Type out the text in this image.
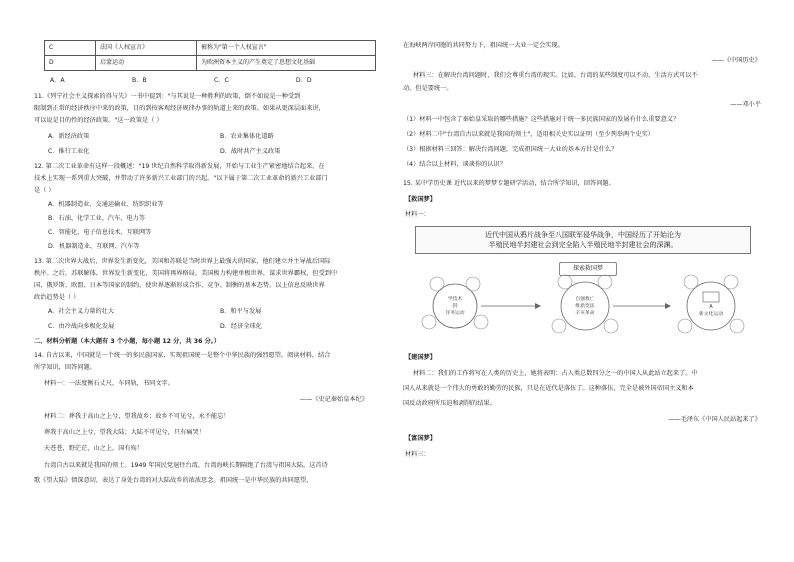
C	法国《人权宣言》	被称为"第一个人权宣言"
D	启蒙运动	为欧洲资本主义的产生奠定了思想文化基础
A．A	B．B	C．C	D．D
11.《列宁社会主义探索的得与失》一书中提到："与其说是一种胜利的政策，倒不如说是一种受到
限制到正常的经济秩序中来的政策，目的到按客观经济规律办事的轨道上来的政策。如果从更深层面来讲，
可以说是目的性的经济政策。"这一政策是（ ）
A．新经济政策	B．农业集体化道路
C．推行工业化	D．战时共产主义政策
12. 第二次工业革命有这样一段概述："19 世纪自然科学取得新发展，开始与工业生产紧密地结合起来，在
技术上实现一系列重大突破，并带动了许多新兴工业部门的兴起。"以下属于第二次工业革命的新兴工业部门
是（ ）
A．机器制造业、交通运输业、纺织织业等
B．石油、化学工业、汽车、电力等
C．智能化、电子信息技术、互联网等
D．机器制造业、互联网、汽车等
13. 第二次世界大战后，世界发生新变化，美国和苏联是当时世界上最强大的国家，他们建立并主导战后国际
秩序。之后，苏联解体，世界发生新变化，美国将再界格局，美国极力构建单极世界，谋求世界霸权，但受到中
国、俄罗斯、欧盟、日本等国家的制约，使世界逐渐形成合作、竞争、制衡的基本态势。以上信息反映世界
政治趋势是（ ）
A．社会主义力量的壮大	B．和平与发展
C．由冷战向多极化发展	D．经济全球化
二、材料分析题（本大题有 3 个小题，每小题 12 分，共 36 分。）
14. 自古以来，中国就是一个统一的多民族国家，实现祖国统一是整个中华民族的强烈愿望。阅读材料，结合
所学知识，回答问题。
材料一：一法度衡石丈尺，车同轨，书同文字。
——《史记秦始皇本纪》
材料二：葬我于高山之上兮，望我故乡；故乡不可见兮，永不能忘！
葬我于高山之上兮，望我大陆；大陆不可见兮，只有痛哭！
天苍苍，野茫茫，山之上，国有殇！
台湾自古以来就是我国的领土。1949 年国民党退往台湾，台湾海峡长期隔绝了台湾与祖国大陆。这首诗
歌《望大陆》情深意切，表达了身处台湾的对大陆故乡的浓浓思念。祖国统一是中华民族的共同愿望，
在海峡两岸同胞的共同努力下，祖国统一大业一定会实现。
——《中国历史》
材料三：在解决台湾问题时，我们会尊重台湾的现实。比如，台湾的某些制度可以不动，生活方式可以不
动。但是要统一。
——邓小平
（1）材料一中包含了秦始皇采取的哪些措施？这些措施对于统一多民族国家的发展有什么重要意义？
（2）材料二中"台湾自古以来就是我国的领土"，适用相关史实以证明（至少列举两个史实）
（3）根据材料三回答：解决台湾问题，完成祖国统一大业的基本方针是什么？
（4）结合以上材料，谈谈你的认识？
15. 某中学历史课 近代以来的梦梦专题研学活动，结合所学知识，回答问题。
【救国梦】
材料一：
近代中国从鸦片战争至八国联军侵华战争，中国经历了开始沦为
半殖民地半封建社会到完全陷入半殖民地半封建社会的深渊。
探索救国梦
学技术
(Ⅰ)
洋务运动
自强救亡
维新变法
辛亥革命
A
新文化运动
【建国梦】
材料二：我们的工作将写在人类的历史上，她将表明：占人类总数四分之一的中国人从此站立起来了。中
国人从来就是一个伟大的勇敢的勤劳的民族，只是在近代是落伍了。这种落伍，完全是被外国帝国主义和本
国反动政府所压迫和剥削的结果。
——毛泽东《中国人民站起来了》
【富国梦】
材料三：
